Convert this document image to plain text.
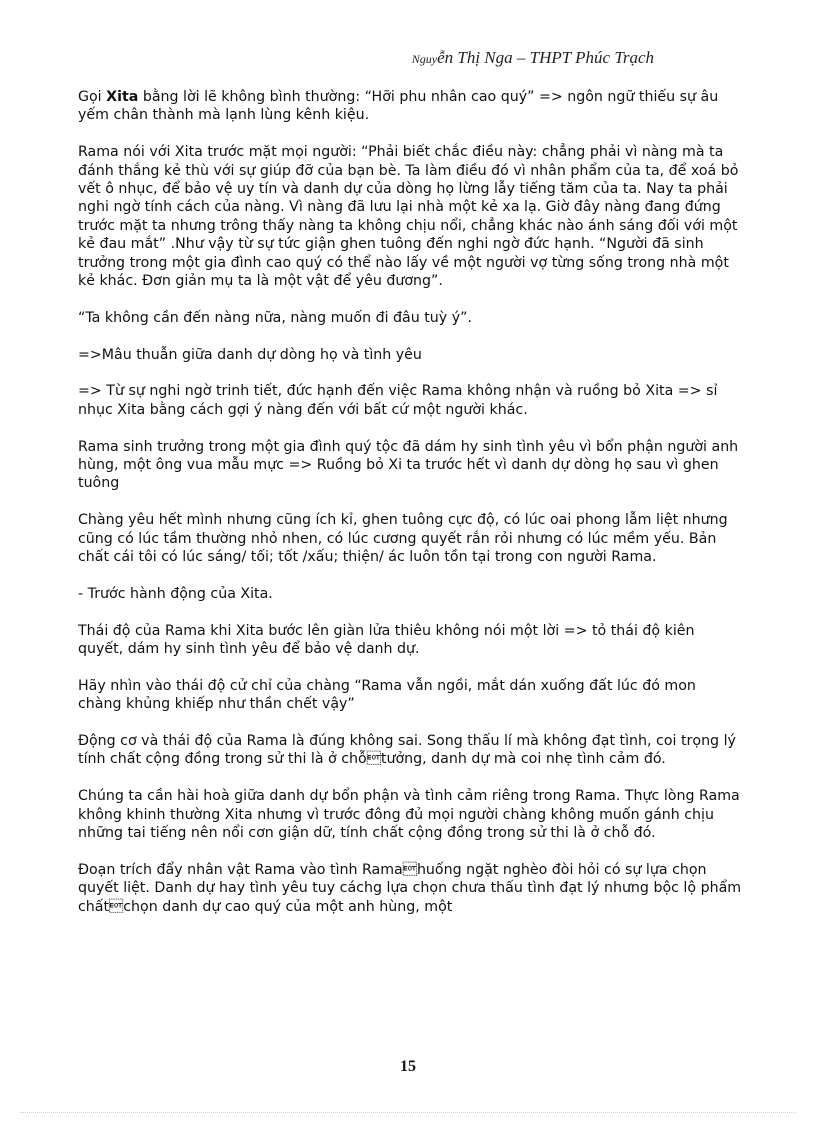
Nguyễn Thị Nga – THPT Phúc Trạch

Gọi Xita bằng lời lẽ không bình thường: “Hỡi phu nhân cao quý” => ngôn ngữ thiếu sự âu yếm chân thành mà lạnh lùng kênh kiệu.

Rama nói với Xita trước mặt mọi người: “Phải biết chắc điều này: chẳng phải vì nàng mà ta đánh thắng kẻ thù với sự giúp đỡ của bạn bè. Ta làm điều đó vì nhân phẩm của ta, để xoá bỏ vết ô nhục, để bảo vệ uy tín và danh dự của dòng họ lừng lẫy tiếng tăm của ta. Nay ta phải nghi ngờ tính cách của nàng. Vì nàng đã lưu lại nhà một kẻ xa lạ. Giờ đây nàng đang đứng trước mặt ta nhưng trông thấy nàng ta không chịu nổi, chẳng khác nào ánh sáng đối với một kẻ đau mắt” .Như vậy từ sự tức giận ghen tuông đến nghi ngờ đức hạnh. “Người đã sinh trưởng trong một gia đình cao quý có thể nào lấy về một người vợ từng sống trong nhà một kẻ khác. Đơn giản mụ ta là một vật để yêu đương”.

“Ta không cần đến nàng nữa, nàng muốn đi đâu tuỳ ý”.

=>Mâu thuẫn giữa danh dự dòng họ và tình yêu

=> Từ sự nghi ngờ trinh tiết, đức hạnh đến việc Rama không nhận và ruồng bỏ Xita => sỉ nhục Xita bằng cách gợi ý nàng đến với bất cứ một người khác.

Rama sinh trưởng trong một gia đình quý tộc đã dám hy sinh tình yêu vì bổn phận người anh hùng, một ông vua mẫu mực => Ruồng bỏ Xi ta trước hết vì danh dự dòng họ sau vì ghen tuông

Chàng yêu hết mình nhưng cũng ích kỉ, ghen tuông cực độ, có lúc oai phong lẫm liệt nhưng cũng có lúc tầm thường nhỏ nhen, có lúc cương quyết rắn rỏi nhưng có lúc mềm yếu. Bản chất cái tôi có lúc sáng/ tối; tốt /xấu; thiện/ ác luôn tồn tại trong con người Rama.

- Trước hành động của Xita.

Thái độ của Rama khi Xita bước lên giàn lửa thiêu không nói một lời => tỏ thái độ kiên quyết, dám hy sinh tình yêu để bảo vệ danh dự.

Hãy nhìn vào thái độ cử chỉ của chàng “Rama vẫn ngồi, mắt dán xuống đất lúc đó mon chàng khủng khiếp như thần chết vậy”

Động cơ và thái độ của Rama là đúng không sai. Song thấu lí mà không đạt tình, coi trọng lý tính chất cộng đồng trong sử thi là ở chỗtưởng, danh dự mà coi nhẹ tình cảm đó.

Chúng ta cần hài hoà giữa danh dự bổn phận và tình cảm riêng trong Rama. Thực lòng Rama không khinh thường Xita nhưng vì trước đông đủ mọi người chàng không muốn gánh chịu những tai tiếng nên nổi cơn giận dữ, tính chất cộng đồng trong sử thi là ở chỗ đó.

Đoạn trích đẩy nhân vật Rama vào tình Ramahuống ngặt nghèo đòi hỏi có sự lựa chọn quyết liệt. Danh dự hay tình yêu tuy cáchg lựa chọn chưa thấu tình đạt lý nhưng bộc lộ phẩm chấtchọn danh dự cao quý của một anh hùng, một

15
